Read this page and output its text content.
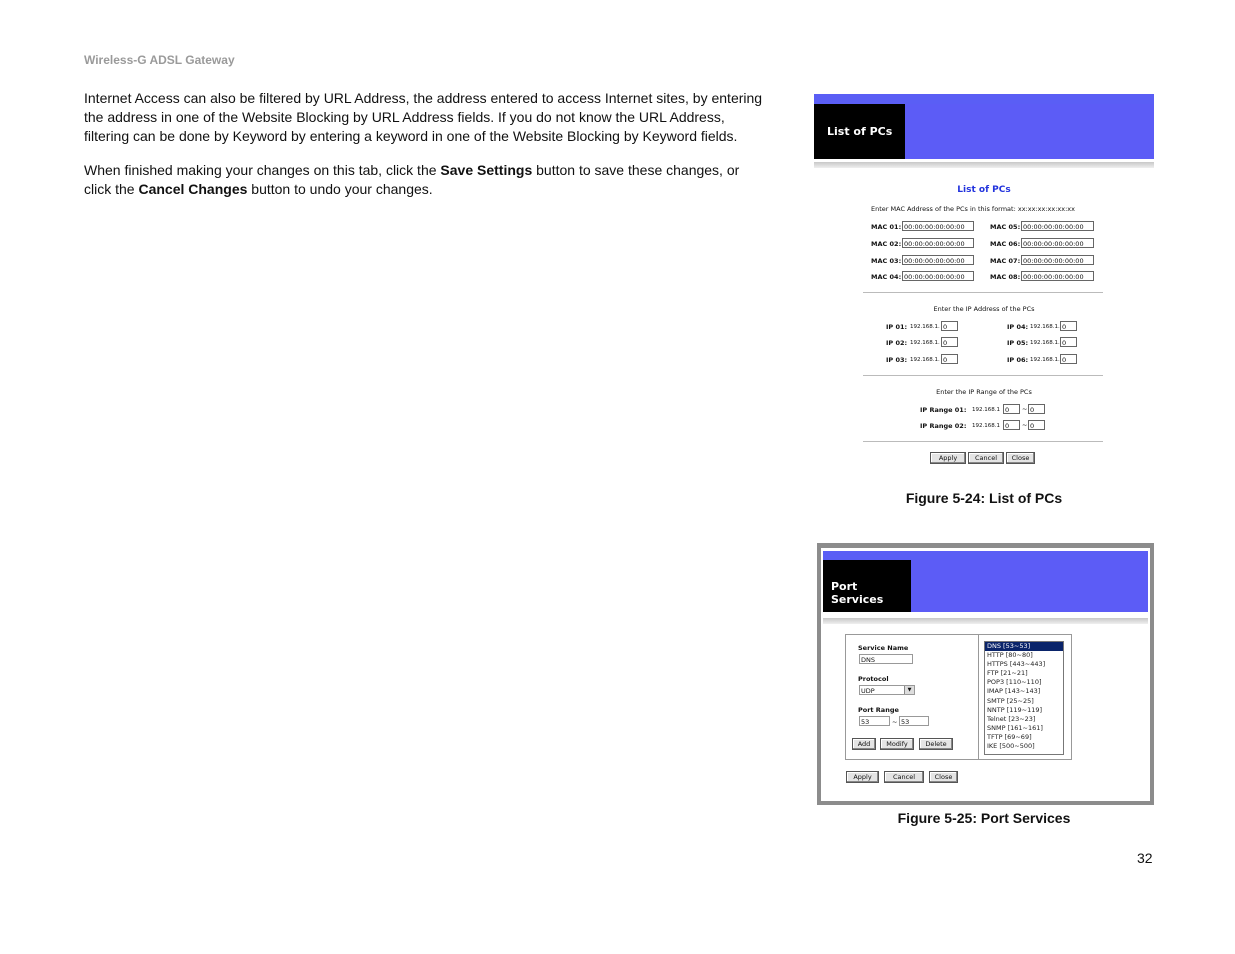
Wireless-G ADSL Gateway
Internet Access can also be filtered by URL Address, the address entered to access Internet sites, by entering the address in one of the Website Blocking by URL Address fields. If you do not know the URL Address, filtering can be done by Keyword by entering a keyword in one of the Website Blocking by Keyword fields.
When finished making your changes on this tab, click the Save Settings button to save these changes, or click the Cancel Changes button to undo your changes.
List of PCs
List of PCs
Enter MAC Address of the PCs in this format: xx:xx:xx:xx:xx:xx
MAC 01: 00:00:00:00:00:00
MAC 02: 00:00:00:00:00:00
MAC 03: 00:00:00:00:00:00
MAC 04: 00:00:00:00:00:00
MAC 05: 00:00:00:00:00:00
MAC 06: 00:00:00:00:00:00
MAC 07: 00:00:00:00:00:00
MAC 08: 00:00:00:00:00:00
Enter the IP Address of the PCs
IP 01: 192.168.1. 0
IP 02: 192.168.1. 0
IP 03: 192.168.1. 0
IP 04: 192.168.1. 0
IP 05: 192.168.1. 0
IP 06: 192.168.1. 0
Enter the IP Range of the PCs
IP Range 01: 192.168.1 0	~ 0
IP Range 02: 192.168.1 0	~ 0
Apply	Cancel	Close
Figure 5-24: List of PCs
Port Services
Service Name
DNS
Protocol
UDP	▼
Port Range
53	~ 53
Add	Modify	Delete
DNS [53~53]
HTTP [80~80]
HTTPS [443~443]
FTP [21~21]
POP3 [110~110]
IMAP [143~143]
SMTP [25~25]
NNTP [119~119]
Telnet [23~23]
SNMP [161~161]
TFTP [69~69]
IKE [500~500]
Apply	Cancel	Close
Figure 5-25: Port Services
32
